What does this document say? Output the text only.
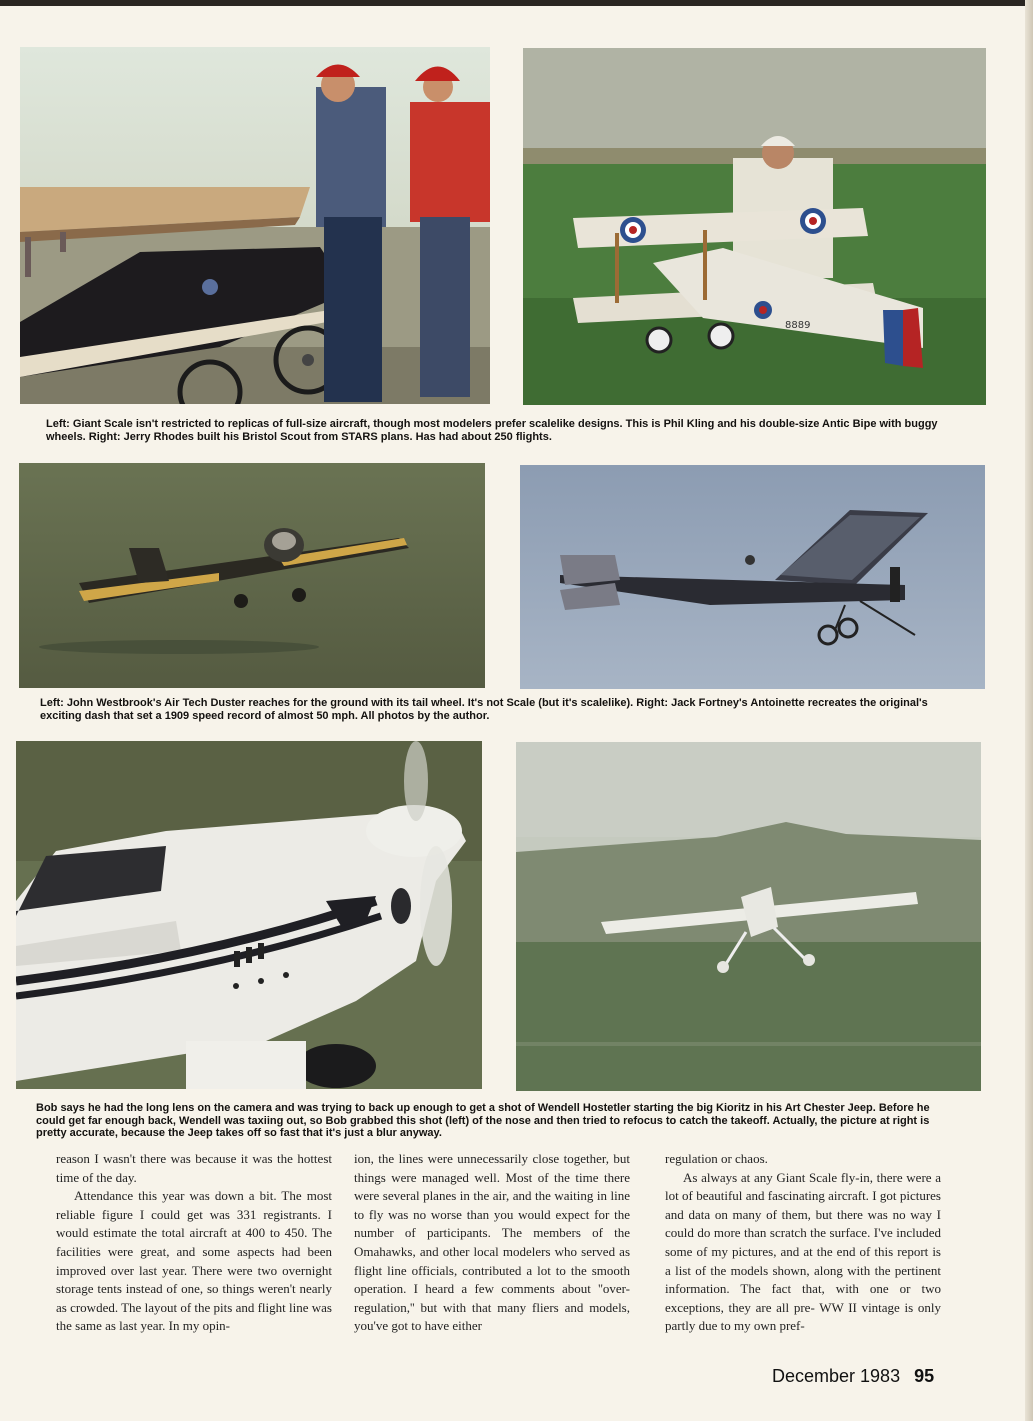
8889
Left: Giant Scale isn't restricted to replicas of full-size aircraft, though most modelers prefer scalelike designs. This is Phil Kling and his double-size Antic Bipe with buggy wheels. Right: Jerry Rhodes built his Bristol Scout from STARS plans. Has had about 250 flights.
Left: John Westbrook's Air Tech Duster reaches for the ground with its tail wheel. It's not Scale (but it's scalelike). Right: Jack Fortney's Antoinette recreates the original's exciting dash that set a 1909 speed record of almost 50 mph. All photos by the author.
Bob says he had the long lens on the camera and was trying to back up enough to get a shot of Wendell Hostetler starting the big Kioritz in his Art Chester Jeep. Before he could get far enough back, Wendell was taxiing out, so Bob grabbed this shot (left) of the nose and then tried to refocus to catch the takeoff. Actually, the picture at right is pretty accurate, because the Jeep takes off so fast that it's just a blur anyway.

reason I wasn't there was because it was the hottest time of the day.

Attendance this year was down a bit. The most reliable figure I could get was 331 registrants. I would estimate the total aircraft at 400 to 450. The facilities were great, and some aspects had been improved over last year. There were two overnight storage tents instead of one, so things weren't nearly as crowded. The layout of the pits and flight line was the same as last year. In my opin-

ion, the lines were unnecessarily close together, but things were managed well. Most of the time there were several planes in the air, and the waiting in line to fly was no worse than you would expect for the number of participants. The members of the Omahawks, and other local modelers who served as flight line officials, contributed a lot to the smooth operation. I heard a few comments about ''over-regulation,'' but with that many fliers and models, you've got to have either

regulation or chaos.

As always at any Giant Scale fly-in, there were a lot of beautiful and fascinating aircraft. I got pictures and data on many of them, but there was no way I could do more than scratch the surface. I've included some of my pictures, and at the end of this report is a list of the models shown, along with the pertinent information. The fact that, with one or two exceptions, they are all pre- WW II vintage is only partly due to my own pref-

December 1983 95
